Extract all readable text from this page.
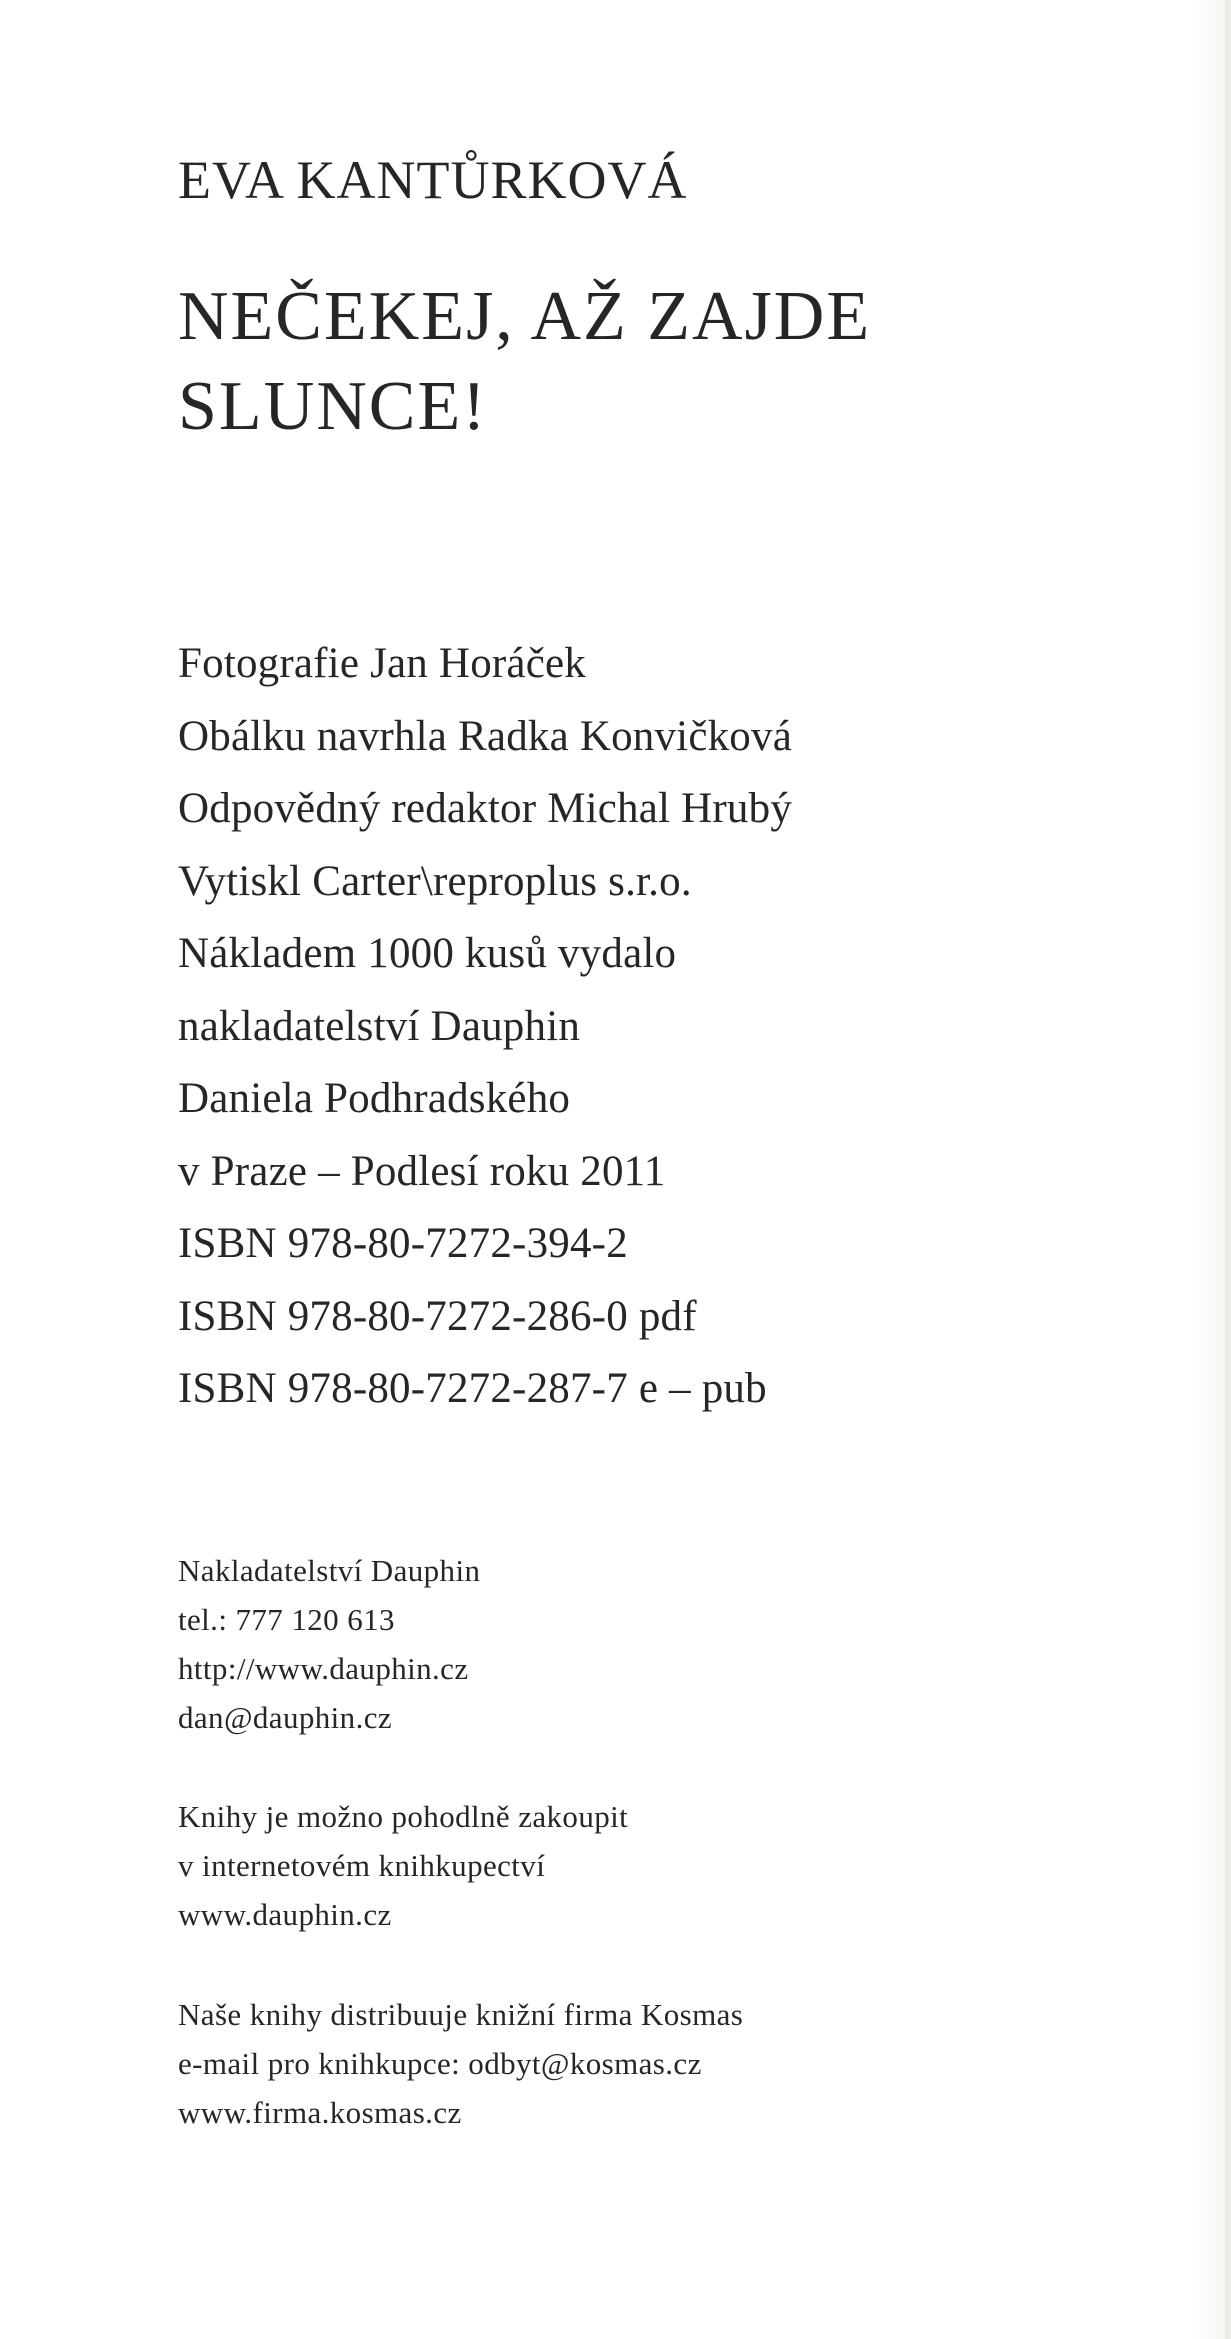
EVA KANTŮRKOVÁ
NEČEKEJ, AŽ ZAJDE
SLUNCE!
Fotografie Jan Horáček
Obálku navrhla Radka Konvičková
Odpovědný redaktor Michal Hrubý
Vytiskl Carter\reproplus s.r.o.
Nákladem 1000 kusů vydalo
nakladatelství Dauphin
Daniela Podhradského
v Praze – Podlesí roku 2011
ISBN 978-80-7272-394-2
ISBN 978-80-7272-286-0 pdf
ISBN 978-80-7272-287-7 e – pub
Nakladatelství Dauphin
tel.: 777 120 613
http://www.dauphin.cz
dan@dauphin.cz
Knihy je možno pohodlně zakoupit
v internetovém knihkupectví
www.dauphin.cz
Naše knihy distribuuje knižní firma Kosmas
e-mail pro knihkupce: odbyt@kosmas.cz
www.firma.kosmas.cz
